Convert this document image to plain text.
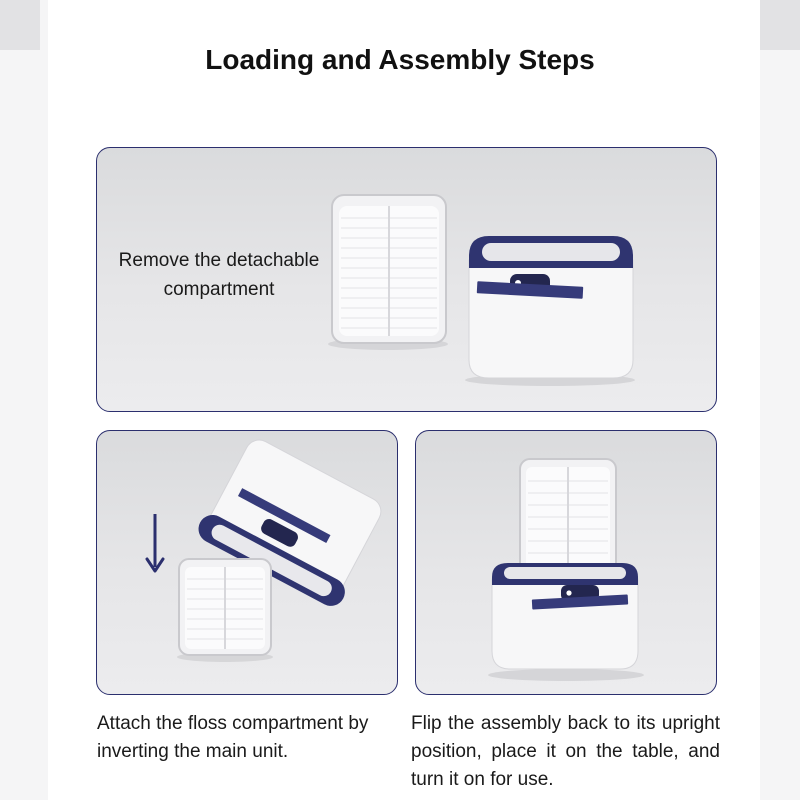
Loading and Assembly Steps
Remove the detachable compartment
Attach the floss compartment by inverting the main unit.
Flip the assembly back to its upright position, place it on the table, and turn it on for use.
